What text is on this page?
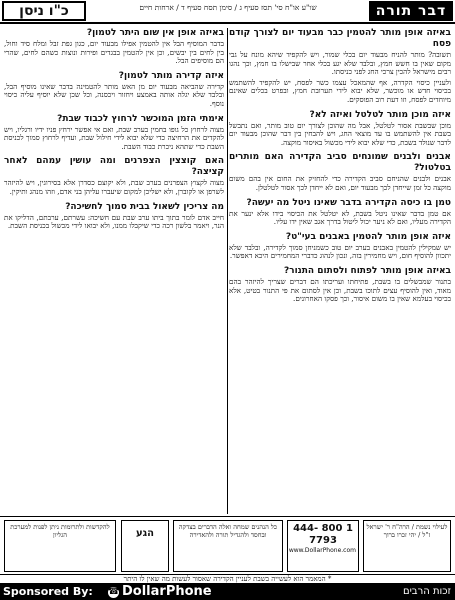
דבר תורה
שו"ע או"ח סי' תסז סעיף ג / סימן תסח סעיף ד / ארחות חיים
כ"ו ניסן
באיזה אופן מותר להטמין כבר מבעוד יום לצורך קודם פסח

תשובה? מותר להניח מבעוד יום בכלי שמור, ויש להקפיד שיהא מונח על גבי מקום שאין בו חשש חמץ, ובלבד שלא יגע בכלי אחר שבישלו בו חמץ, וכך נהגו רבים מישראל להכין צרכי החג לפני כניסתו.

ולעניין כיסוי הקדרה, אף שהמאכל עצמו כשר לפסח, יש להקפיד להשתמש בכיסוי חדש או מוכשר, שלא יבוא לידי תערובת חמץ, ובפרט בכלים שאינם מיוחדים לפסח, וזו דעת רוב הפוסקים.

איזה מוכן מותר לטלטל ואיזה לא?

מוכן שבשבת אסור לטלטל, אבל מה שהוכן לצורך יום טוב מותר, ואם נתבשל בשבת אין להשתמש בו עד מוצאי החג, ויש להבחין בין דבר שהוכן מבעוד יום לדבר שנולד בשבת, כדי שלא יבוא לידי מכשול באיסור מוקצה.

אבנים ולבנים שמונחים סביב הקדירה האם מותרים בטלטול?

אבנים ולבנים שהניחם סביב הקדירה כדי להחזיק את החום אין בהם משום מוקצה כל זמן שייחדן לכך מבעוד יום, ואם לא ייחדן לכך אסור לטלטלן.

טמן בו כיסה הקדירה בדבר שאינו ניטל מה יעשה?

אם טמן בדבר שאינו ניטל בשבת, לא יטלטל את הכיסוי בידו אלא ינער את הקדירה מעליו, ואם לא ניער יכול ליטול בדרך אגב שאין ידו עליו.

איזה אופן מותר להטמין באבנים בעי"ט?

יש שמקילין להטמין באבנים בערב יום טוב כשמניחן סמוך לקדירה, ובלבד שלא יתכוון להוסיף חום, ויש מחמירין בזה, ונכון לנהוג כדברי המחמירים היכא דאפשר.

באיזה אופן מותר לפתוח ולסתום התנור?

בתנור שמבשלים בו בשבת, פתיחתו ועריכתו הם דברים שצריך להיזהר בהם מאוד, ואין להוסיף עצים לתוכו בשבת, וכן אין לסתום את פי התנור בטיט, אלא בכיסוי בעלמא שאין בו משום איסור, וכך פסקו האחרונים.

באיזה אופן אין שום היתר לטמון?

בדבר המוסיף הבל אין להטמין אפילו מבעוד יום, כגון גפת זבל ומלח סיד וחול, בין לחים בין יבשים, וכן אין להטמין בבגדים ופירות ונוצות כשהם לחים, שהרי הם מוסיפים הבל.

איזה קדירה מותר לטמון?

קדירה שהביאה מבעוד יום מן האש מותר להטמינה בדבר שאינו מוסיף הבל, ובלבד שלא יגלה אותה באמצע ויחזור ויכסנה, וכל שכן שלא יוסיף עליה כיסוי נוסף.

אימתי הזמן המוכשר לרחוץ לכבוד שבת?

מצוה לרחוץ כל גופו בחמין בערב שבת, ואם אי אפשר ירחץ פניו ידיו ורגליו, ויש להקדים את הרחיצה כדי שלא יבוא לידי חילול שבת, ועדיף לרחוץ סמוך לכניסת השבת כדי שתהא ניכרת כבוד השבת.

האם קוצצין הצפרנים ומה עושין עמהם לאחר קציצה?

מצוה לקצוץ הצפרנים בערב שבת, ולא יקוצם כסדרן אלא בסירוגין, ויש להיזהר לשרפן או לקוברן, ולא ישליכן למקום שיעברו עליהן בני אדם, וזהו מנהג ותיקין.

מה צריכין לשאול בבית סמוך לחשיכה?

חייב אדם לומר בתוך ביתו ערב שבת עם חשיכה: עשרתם, ערבתם, הדליקו את הנר, ויאמר בלשון רכה כדי שיקבלו ממנו, ולא יבואו לידי מכשול בכניסת השבת.

לעילוי נשמת / הרה"ח ר' ישראל ז"ל / יהי זכרו ברוך
1 800 444-7793
www.DollarPhone.com
כל הנהנים שמחה ואלה הדברים בצדקה ובחסד ולהגדיל תורה ולהאדירה
הגע
להקדשות ולתרומות ניתן לפנות למערכת הגליון
* המאמר הוא לעשייה בשבת לעניין הקדירה שאסור לעשות מה שאין לו היתר
Sponsored By: ☎ DollarPhone	זכות הרבים
